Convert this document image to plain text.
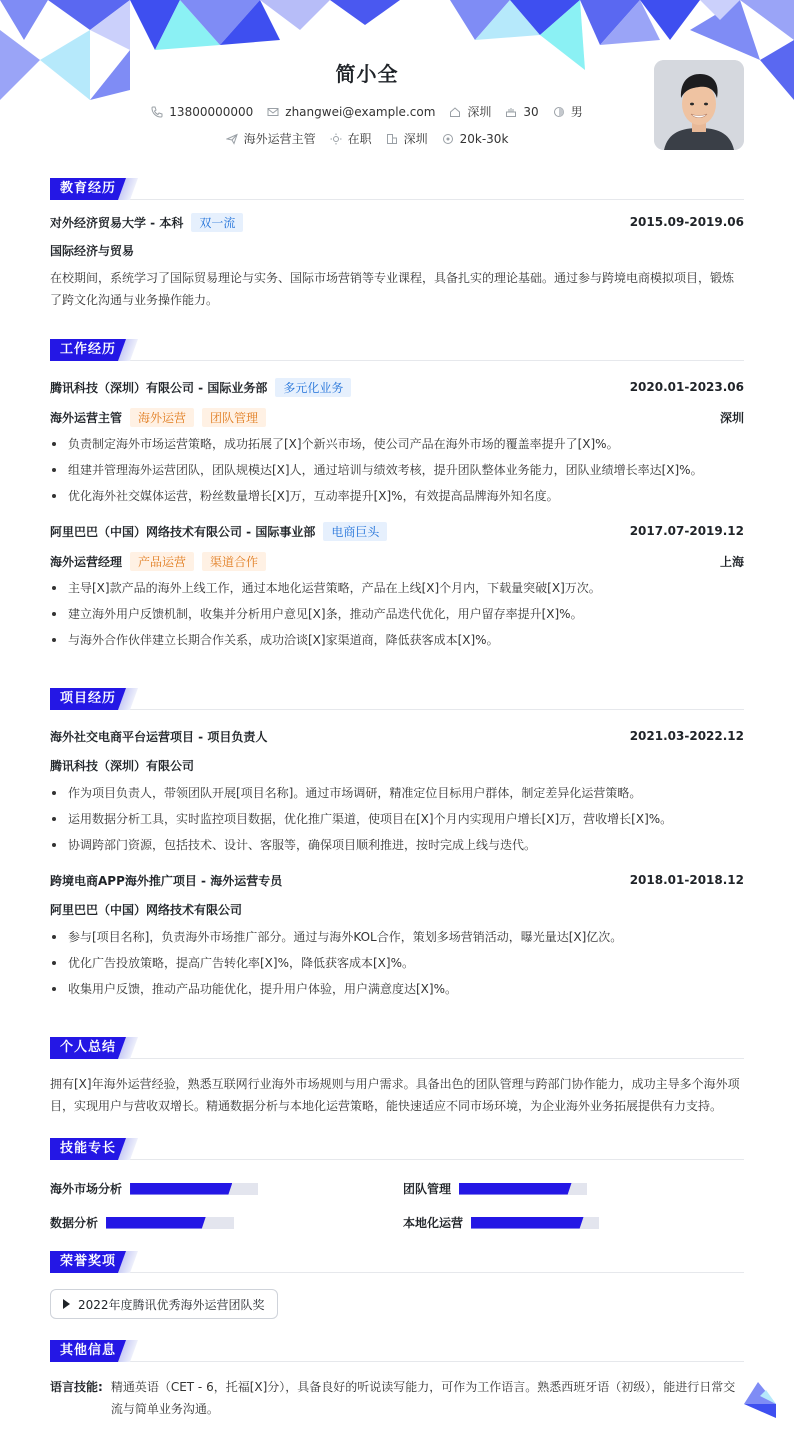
简小全
13800000000	zhangwei@example.com	深圳	30	男
海外运营主管	在职	深圳	20k-30k
教育经历
对外经济贸易大学 - 本科 双一流	2015.09-2019.06
国际经济与贸易
在校期间，系统学习了国际贸易理论与实务、国际市场营销等专业课程，具备扎实的理论基础。通过参与跨境电商模拟项目，锻炼了跨文化沟通与业务操作能力。
工作经历
腾讯科技（深圳）有限公司 - 国际业务部 多元化业务	2020.01-2023.06
海外运营主管 海外运营 团队管理	深圳
负责制定海外市场运营策略，成功拓展了[X]个新兴市场，使公司产品在海外市场的覆盖率提升了[X]%。
组建并管理海外运营团队，团队规模达[X]人，通过培训与绩效考核，提升团队整体业务能力，团队业绩增长率达[X]%。
优化海外社交媒体运营，粉丝数量增长[X]万，互动率提升[X]%，有效提高品牌海外知名度。
阿里巴巴（中国）网络技术有限公司 - 国际事业部 电商巨头	2017.07-2019.12
海外运营经理 产品运营 渠道合作	上海
主导[X]款产品的海外上线工作，通过本地化运营策略，产品在上线[X]个月内，下载量突破[X]万次。
建立海外用户反馈机制，收集并分析用户意见[X]条，推动产品迭代优化，用户留存率提升[X]%。
与海外合作伙伴建立长期合作关系，成功洽谈[X]家渠道商，降低获客成本[X]%。
项目经历
海外社交电商平台运营项目 - 项目负责人	2021.03-2022.12
腾讯科技（深圳）有限公司
作为项目负责人，带领团队开展[项目名称]。通过市场调研，精准定位目标用户群体，制定差异化运营策略。
运用数据分析工具，实时监控项目数据，优化推广渠道，使项目在[X]个月内实现用户增长[X]万，营收增长[X]%。
协调跨部门资源，包括技术、设计、客服等，确保项目顺利推进，按时完成上线与迭代。
跨境电商APP海外推广项目 - 海外运营专员	2018.01-2018.12
阿里巴巴（中国）网络技术有限公司
参与[项目名称]，负责海外市场推广部分。通过与海外KOL合作，策划多场营销活动，曝光量达[X]亿次。
优化广告投放策略，提高广告转化率[X]%，降低获客成本[X]%。
收集用户反馈，推动产品功能优化，提升用户体验，用户满意度达[X]%。
个人总结
拥有[X]年海外运营经验，熟悉互联网行业海外市场规则与用户需求。具备出色的团队管理与跨部门协作能力，成功主导多个海外项目，实现用户与营收双增长。精通数据分析与本地化运营策略，能快速适应不同市场环境，为企业海外业务拓展提供有力支持。
技能专长
海外市场分析	团队管理
数据分析	本地化运营
荣誉奖项
2022年度腾讯优秀海外运营团队奖
其他信息
语言技能: 精通英语（CET - 6，托福[X]分），具备良好的听说读写能力，可作为工作语言。熟悉西班牙语（初级），能进行日常交流与简单业务沟通。
